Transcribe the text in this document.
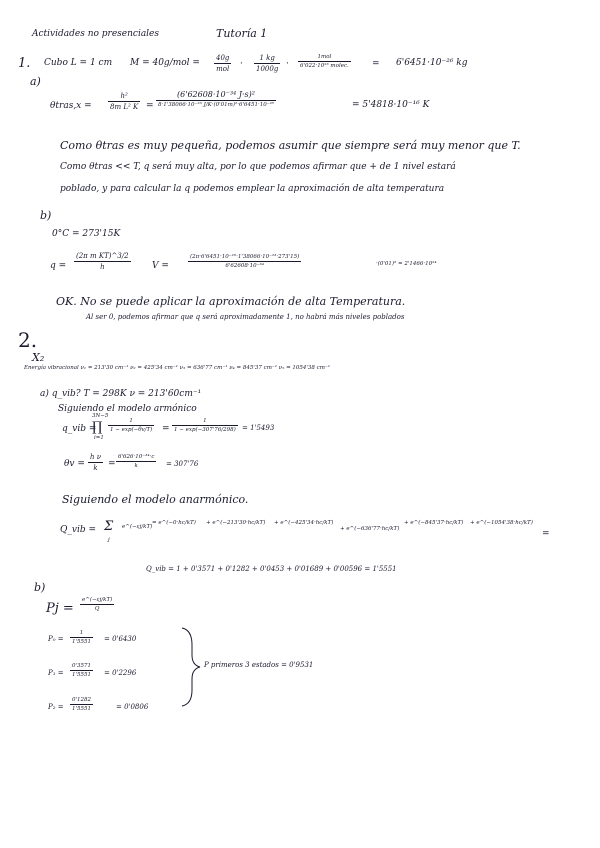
Actividades no presenciales	Tutoría 1
1. Cubo L = 1 cm M = 40g/mol = 40g
mol · $\frac{1 kg}{1000g}$ ·
1mol
6'022·10²³ molec.	= 6'6451·10⁻²⁶ kg
a)
θtras,x = $\frac{\text{h²}}{\text{8m L² K}}$ =
(6'62608·10⁻³⁴ J·s)²
8·1'38066·10⁻²³ J/K·(0'01m)²·6'6451·10⁻²⁶	= 5'4818·10⁻¹⁶ K
Como θtras es muy pequeña, podemos asumir que siempre será muy menor que T.
Como θtras << T, q será muy alta, por lo que podemos afirmar que + de 1 nivel estará
poblado, y para calcular la q podemos emplear la aproximación de alta temperatura
b)
0°C = 273'15K
$q = \frac{\text{(2π m KT)\textasciicircum{}3/2}}{h}$ V =	$\frac{\text{(2π·6'6451·10⁻²⁶·1'38066·10⁻²³·273'15)}}{\text{6'62608·10⁻³⁴}}$	·(0'01)³ = 2'1466·10²⁴
OK. No se puede aplicar la aproximación de alta Temperatura.
Al ser 0, podemos afirmar que q será aproximadamente 1, no habrá más niveles poblados
2.
X₂
Energía vibracional ν₁ = 213'30 cm⁻¹ ν₂ = 425'34 cm⁻¹ ν₃ = 636'77 cm⁻¹ ν₄ = 845'37 cm⁻¹ ν₅ = 1054'38 cm⁻¹
a) q_vib? T = 298K ν = 213'60cm⁻¹
Siguiendo el modelo armónico
q_vib =
3N−5
∏
i=1
$\frac{1}{1 - \exp(-\theta v/T)} = \frac{1}{1 - \exp(-307'76/298)} = 1'5493$
$\theta v = \frac{\text{h ν}}{k} = \frac{\text{6'626·10⁻³⁴·c}}{k} = 307'76$
Siguiendo el modelo anarmónico.
Q_vib = Σ
j
e^(−εj/kT)
= e^(−0·hc/kT) + e^(−213'30·hc/kT) + e^(−425'34·hc/kT)
+ e^(−636'77·hc/kT)
+ e^(−845'37·hc/kT) + e^(−1054'38·hc/kT)
=
Q_vib = 1 + 0'3571 + 0'1282 + 0'0453 + 0'01689 + 0'00596 = 1'5551
b)
$Pj = \frac{e\^{}(-\varepsilon j/kT)}{Q}$
$P_0 = \frac{1}{1'5551} = 0'6430$
$P_1 = \frac{0'3571}{1'5551} = 0'2296$
$P_2 = \frac{0'1282}{1'5551}$	= 0'0806
P primeros 3 estados = 0'9531
